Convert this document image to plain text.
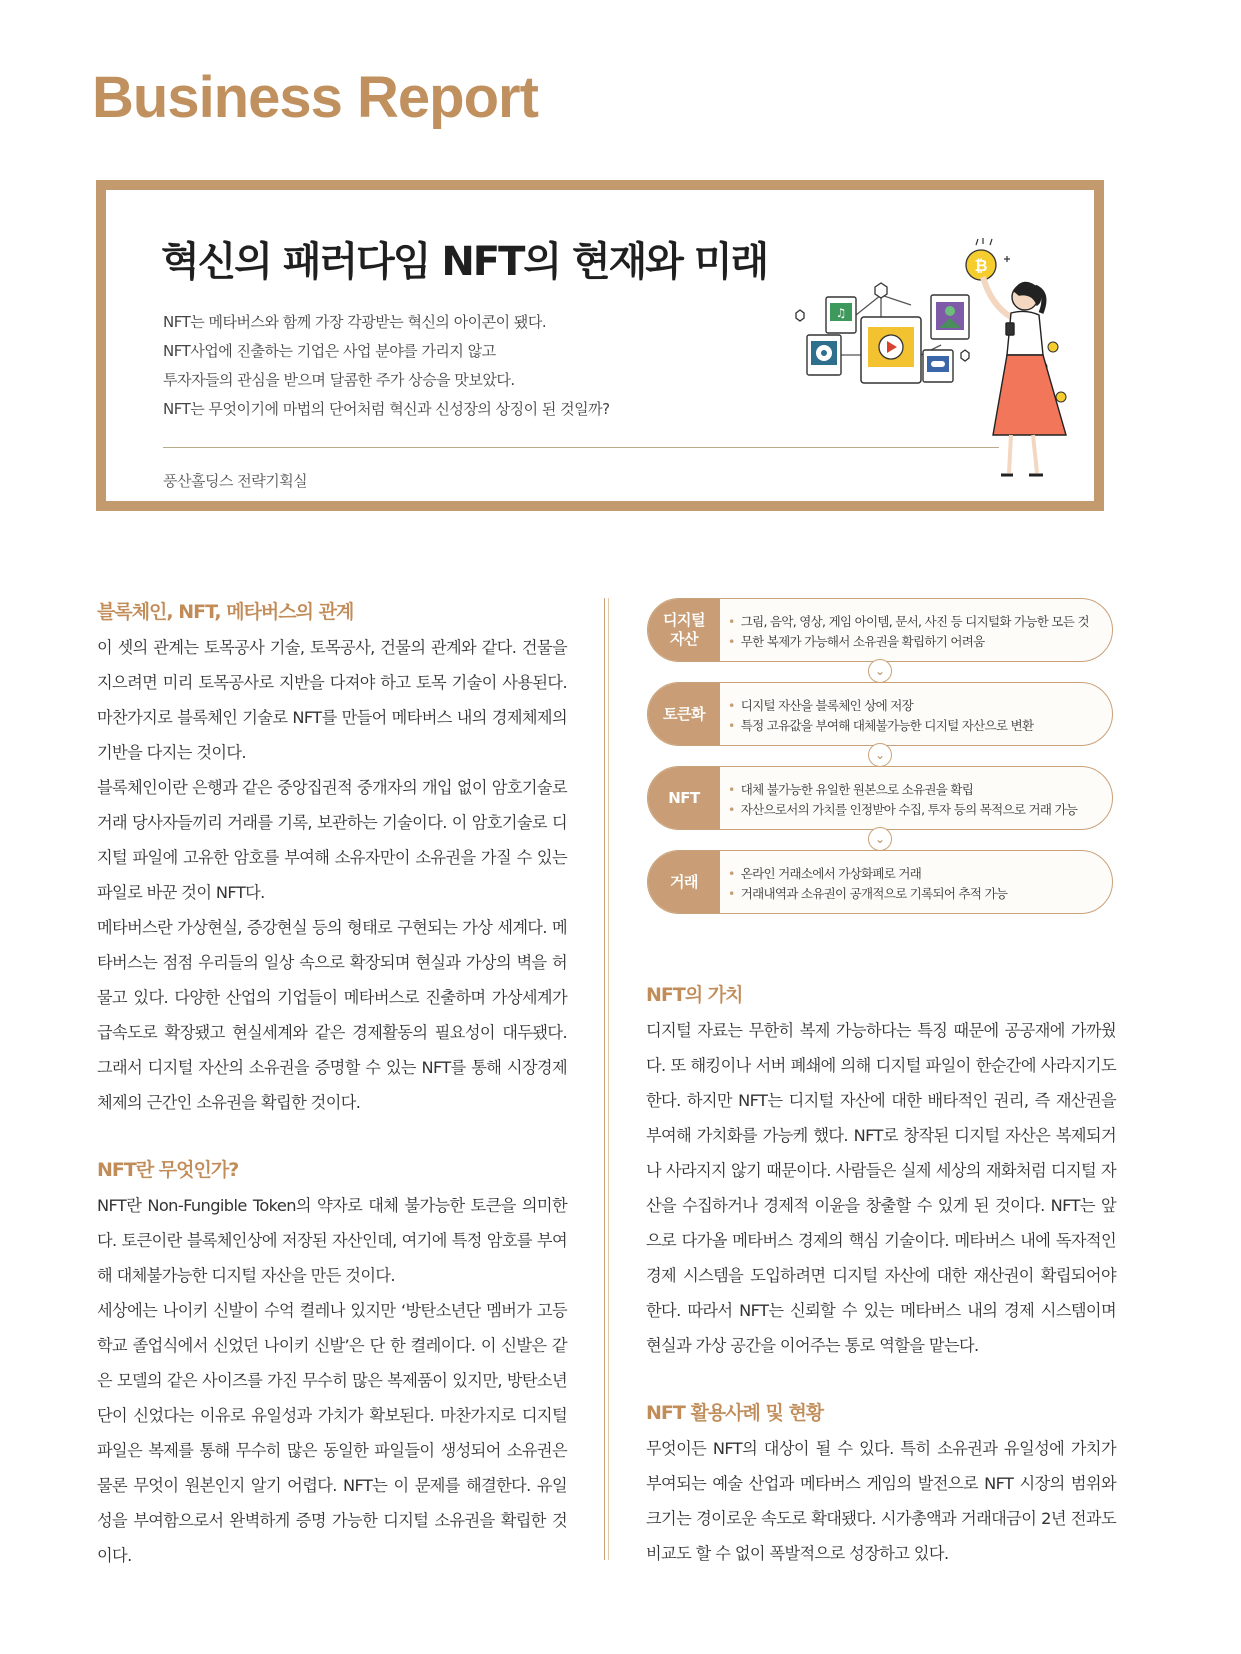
Business Report
혁신의 패러다임 NFT의 현재와 미래
NFT는 메타버스와 함께 가장 각광받는 혁신의 아이콘이 됐다.
NFT사업에 진출하는 기업은 사업 분야를 가리지 않고
투자자들의 관심을 받으며 달콤한 주가 상승을 맛보았다.
NFT는 무엇이기에 마법의 단어처럼 혁신과 신성장의 상징이 된 것일까?
풍산홀딩스 전략기획실
♫
₿
블록체인, NFT, 메타버스의 관계

이 셋의 관계는 토목공사 기술, 토목공사, 건물의 관계와 같다. 건물을 지으려면 미리 토목공사로 지반을 다져야 하고 토목 기술이 사용된다. 마찬가지로 블록체인 기술로 NFT를 만들어 메타버스 내의 경제체제의 기반을 다지는 것이다.

블록체인이란 은행과 같은 중앙집권적 중개자의 개입 없이 암호기술로 거래 당사자들끼리 거래를 기록, 보관하는 기술이다. 이 암호기술로 디지털 파일에 고유한 암호를 부여해 소유자만이 소유권을 가질 수 있는 파일로 바꾼 것이 NFT다.

메타버스란 가상현실, 증강현실 등의 형태로 구현되는 가상 세계다. 메타버스는 점점 우리들의 일상 속으로 확장되며 현실과 가상의 벽을 허물고 있다. 다양한 산업의 기업들이 메타버스로 진출하며 가상세계가 급속도로 확장됐고 현실세계와 같은 경제활동의 필요성이 대두됐다. 그래서 디지털 자산의 소유권을 증명할 수 있는 NFT를 통해 시장경제 체제의 근간인 소유권을 확립한 것이다.

NFT란 무엇인가?

NFT란 Non-Fungible Token의 약자로 대체 불가능한 토큰을 의미한다. 토큰이란 블록체인상에 저장된 자산인데, 여기에 특정 암호를 부여해 대체불가능한 디지털 자산을 만든 것이다.

세상에는 나이키 신발이 수억 켤레나 있지만 ‘방탄소년단 멤버가 고등학교 졸업식에서 신었던 나이키 신발’은 단 한 켤레이다. 이 신발은 같은 모델의 같은 사이즈를 가진 무수히 많은 복제품이 있지만, 방탄소년단이 신었다는 이유로 유일성과 가치가 확보된다. 마찬가지로 디지털 파일은 복제를 통해 무수히 많은 동일한 파일들이 생성되어 소유권은 물론 무엇이 원본인지 알기 어렵다. NFT는 이 문제를 해결한다. 유일성을 부여함으로서 완벽하게 증명 가능한 디지털 소유권을 확립한 것이다.

디지털
자산
• 그림, 음악, 영상, 게임 아이템, 문서, 사진 등 디지털화 가능한 모든 것
• 무한 복제가 가능해서 소유권을 확립하기 어려움
⌄
토큰화	• 디지털 자산을 블록체인 상에 저장
• 특정 고유값을 부여해 대체불가능한 디지털 자산으로 변환
⌄
NFT	• 대체 불가능한 유일한 원본으로 소유권을 확립
• 자산으로서의 가치를 인정받아 수집, 투자 등의 목적으로 거래 가능
⌄
거래	• 온라인 거래소에서 가상화폐로 거래
• 거래내역과 소유권이 공개적으로 기록되어 추적 가능
NFT의 가치

디지털 자료는 무한히 복제 가능하다는 특징 때문에 공공재에 가까웠다. 또 해킹이나 서버 폐쇄에 의해 디지털 파일이 한순간에 사라지기도 한다. 하지만 NFT는 디지털 자산에 대한 배타적인 권리, 즉 재산권을 부여해 가치화를 가능케 했다. NFT로 창작된 디지털 자산은 복제되거나 사라지지 않기 때문이다. 사람들은 실제 세상의 재화처럼 디지털 자산을 수집하거나 경제적 이윤을 창출할 수 있게 된 것이다. NFT는 앞으로 다가올 메타버스 경제의 핵심 기술이다. 메타버스 내에 독자적인 경제 시스템을 도입하려면 디지털 자산에 대한 재산권이 확립되어야 한다. 따라서 NFT는 신뢰할 수 있는 메타버스 내의 경제 시스템이며 현실과 가상 공간을 이어주는 통로 역할을 맡는다.

NFT 활용사례 및 현황

무엇이든 NFT의 대상이 될 수 있다. 특히 소유권과 유일성에 가치가 부여되는 예술 산업과 메타버스 게임의 발전으로 NFT 시장의 범위와 크기는 경이로운 속도로 확대됐다. 시가총액과 거래대금이 2년 전과도 비교도 할 수 없이 폭발적으로 성장하고 있다.
